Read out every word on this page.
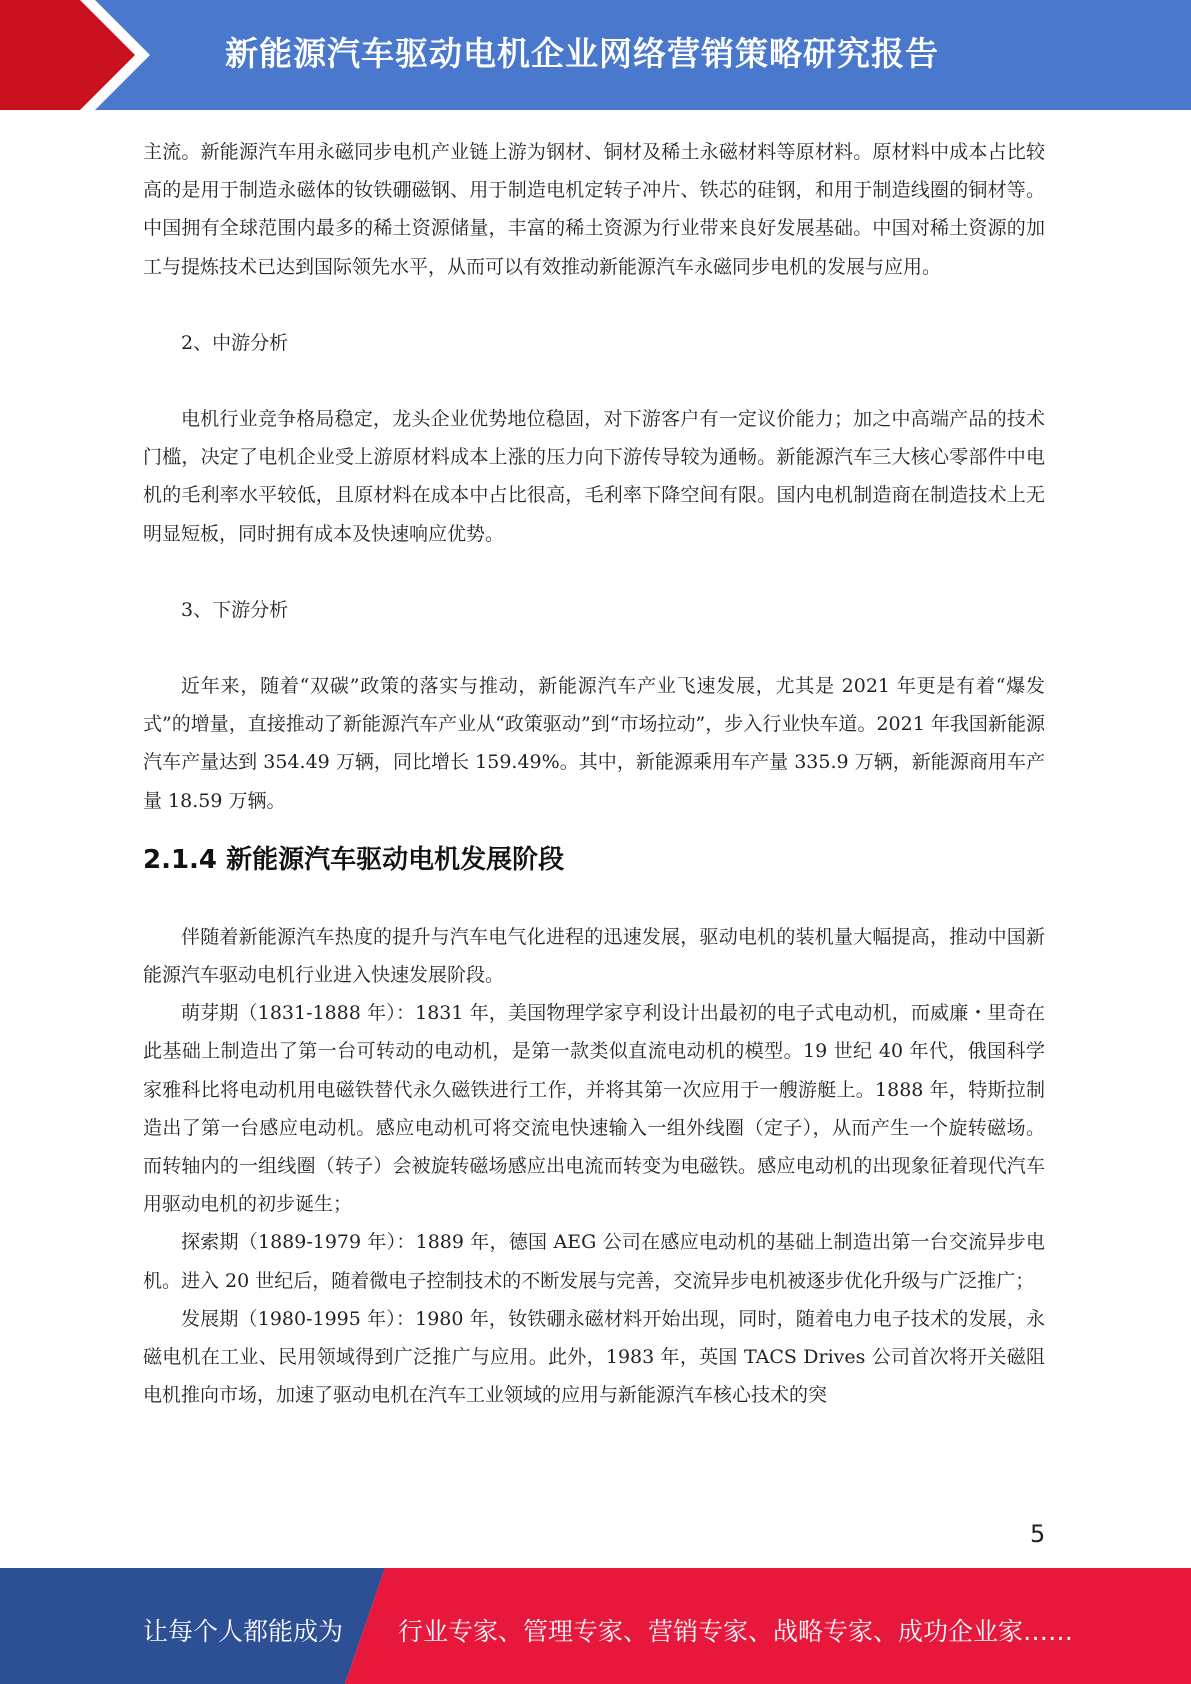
新能源汽车驱动电机企业网络营销策略研究报告

主流。新能源汽车用永磁同步电机产业链上游为钢材、铜材及稀土永磁材料等原材料。原材料中成本占比较高的是用于制造永磁体的钕铁硼磁钢、用于制造电机定转子冲片、铁芯的硅钢，和用于制造线圈的铜材等。中国拥有全球范围内最多的稀土资源储量，丰富的稀土资源为行业带来良好发展基础。中国对稀土资源的加工与提炼技术已达到国际领先水平，从而可以有效推动新能源汽车永磁同步电机的发展与应用。

2、中游分析

电机行业竞争格局稳定，龙头企业优势地位稳固，对下游客户有一定议价能力；加之中高端产品的技术门槛，决定了电机企业受上游原材料成本上涨的压力向下游传导较为通畅。新能源汽车三大核心零部件中电机的毛利率水平较低，且原材料在成本中占比很高，毛利率下降空间有限。国内电机制造商在制造技术上无明显短板，同时拥有成本及快速响应优势。

3、下游分析

近年来，随着“双碳”政策的落实与推动，新能源汽车产业飞速发展，尤其是 2021 年更是有着“爆发式”的增量，直接推动了新能源汽车产业从“政策驱动”到“市场拉动”，步入行业快车道。2021 年我国新能源汽车产量达到 354.49 万辆，同比增长 159.49%。其中，新能源乘用车产量 335.9 万辆，新能源商用车产量 18.59 万辆。

2.1.4 新能源汽车驱动电机发展阶段

伴随着新能源汽车热度的提升与汽车电气化进程的迅速发展，驱动电机的装机量大幅提高，推动中国新能源汽车驱动电机行业进入快速发展阶段。

萌芽期（1831-1888 年）：1831 年，美国物理学家亨利设计出最初的电子式电动机，而威廉・里奇在此基础上制造出了第一台可转动的电动机，是第一款类似直流电动机的模型。19 世纪 40 年代，俄国科学家雅科比将电动机用电磁铁替代永久磁铁进行工作，并将其第一次应用于一艘游艇上。1888 年，特斯拉制造出了第一台感应电动机。感应电动机可将交流电快速输入一组外线圈（定子），从而产生一个旋转磁场。而转轴内的一组线圈（转子）会被旋转磁场感应出电流而转变为电磁铁。感应电动机的出现象征着现代汽车用驱动电机的初步诞生；

探索期（1889-1979 年）：1889 年，德国 AEG 公司在感应电动机的基础上制造出第一台交流异步电机。进入 20 世纪后，随着微电子控制技术的不断发展与完善，交流异步电机被逐步优化升级与广泛推广；

发展期（1980-1995 年）：1980 年，钕铁硼永磁材料开始出现，同时，随着电力电子技术的发展，永磁电机在工业、民用领域得到广泛推广与应用。此外，1983 年，英国 TACS Drives 公司首次将开关磁阻电机推向市场，加速了驱动电机在汽车工业领域的应用与新能源汽车核心技术的突

5
让每个人都能成为 行业专家、管理专家、营销专家、战略专家、成功企业家……
